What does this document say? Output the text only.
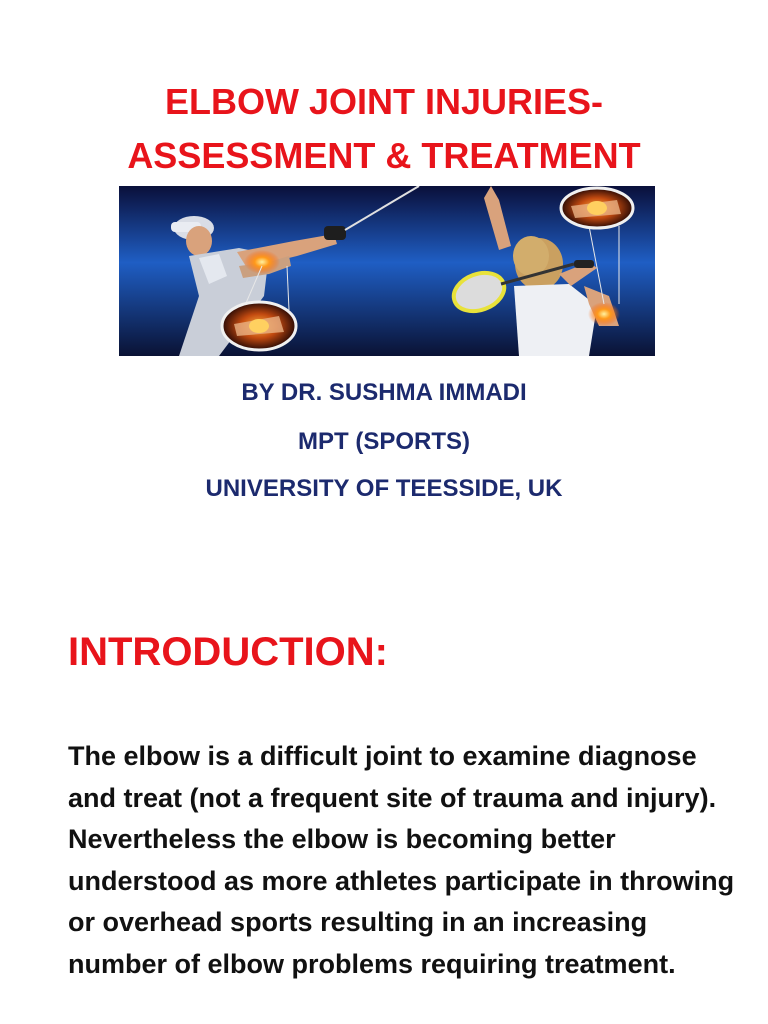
ELBOW JOINT INJURIES-
ASSESSMENT & TREATMENT
BY DR. SUSHMA IMMADI
MPT (SPORTS)
UNIVERSITY OF TEESSIDE, UK
INTRODUCTION:

The elbow is a difficult joint to examine diagnose and treat (not a frequent site of trauma and injury). Nevertheless the elbow is becoming better understood as more athletes participate in throwing or overhead sports resulting in an increasing number of elbow problems requiring treatment.
